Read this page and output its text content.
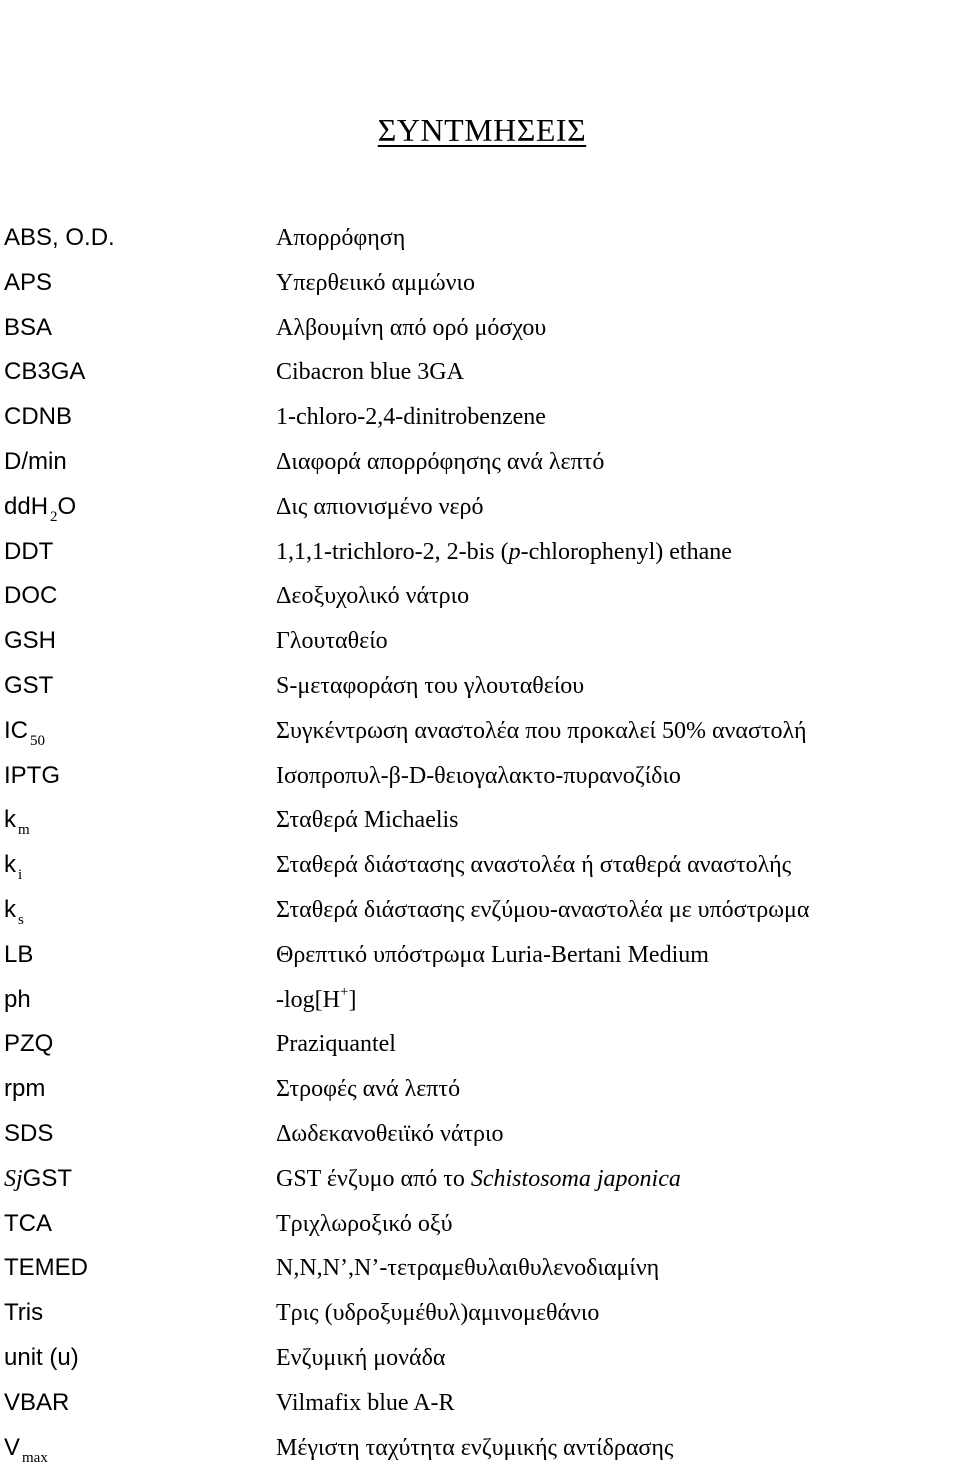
ΣΥΝΤΜΗΣΕΙΣ
ABS, O.D.	Απορρόφηση
APS	Υπερθειικό αμμώνιο
BSA	Αλβουμίνη από ορό μόσχου
CB3GA	Cibacron blue 3GA
CDNB	1-chloro-2,4-dinitrobenzene
D/min	Διαφορά απορρόφησης ανά λεπτό
ddH $_2$O	Δις απιονισμένο νερό
DDT	1,1,1-trichloro-2, 2-bis (p-chlorophenyl) ethane
DOC	Δεοξυχολικό νάτριο
GSH	Γλουταθείο
GST	S-μεταφοράση του γλουταθείου
IC $_{50}$	Συγκέντρωση αναστολέα που προκαλεί 50% αναστολή
IPTG	Ισοπροπυλ-β-D-θειογαλακτο-πυρανοζίδιο
k $_m$	Σταθερά Michaelis
k $_i$	Σταθερά διάστασης αναστολέα ή σταθερά αναστολής
k $_s$	Σταθερά διάστασης ενζύμου-αναστολέα με υπόστρωμα
LB	Θρεπτικό υπόστρωμα Luria-Bertani Medium
ph	-log[H+]
PZQ	Praziquantel
rpm	Στροφές ανά λεπτό
SDS	Δωδεκανοθειϊκό νάτριο
SjGST	GST ένζυμο από το Schistosoma japonica
TCA	Τριχλωροξικό οξύ
TEMED	N,N,N’,N’-τετραμεθυλαιθυλενοδιαμίνη
Tris	Τρις (υδροξυμέθυλ)αμινομεθάνιο
unit (u)	Ενζυμική μονάδα
VBAR	Vilmafix blue A-R
V $_{max}$	Μέγιστη ταχύτητα ενζυμικής αντίδρασης
